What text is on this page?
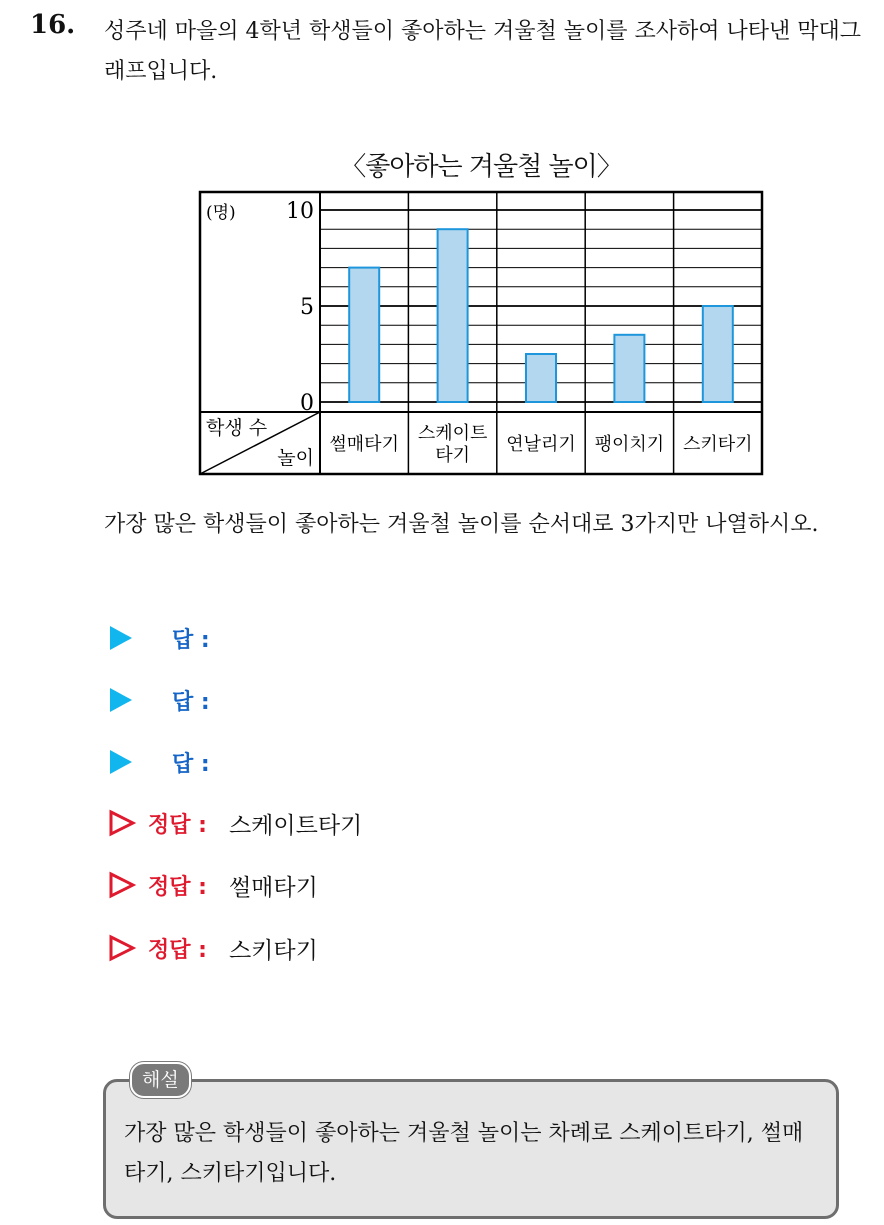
16. 성주네 마을의 4학년 학생들이 좋아하는 겨울철 놀이를 조사하여 나타낸 막대그래프입니다.

〈좋아하는 겨울철 놀이〉
(명)
0
5
10
학생 수
놀이
썰매타기
스케이트
타기
연날리기 팽이치기 스키타기

가장 많은 학생들이 좋아하는 겨울철 놀이를 순서대로 3가지만 나열하시오.

답 :
답 :
답 :
정답 : 스케이트타기
정답 : 썰매타기
정답 : 스키타기
해설

가장 많은 학생들이 좋아하는 겨울철 놀이는 차례로 스케이트타기, 썰매타기, 스키타기입니다.
